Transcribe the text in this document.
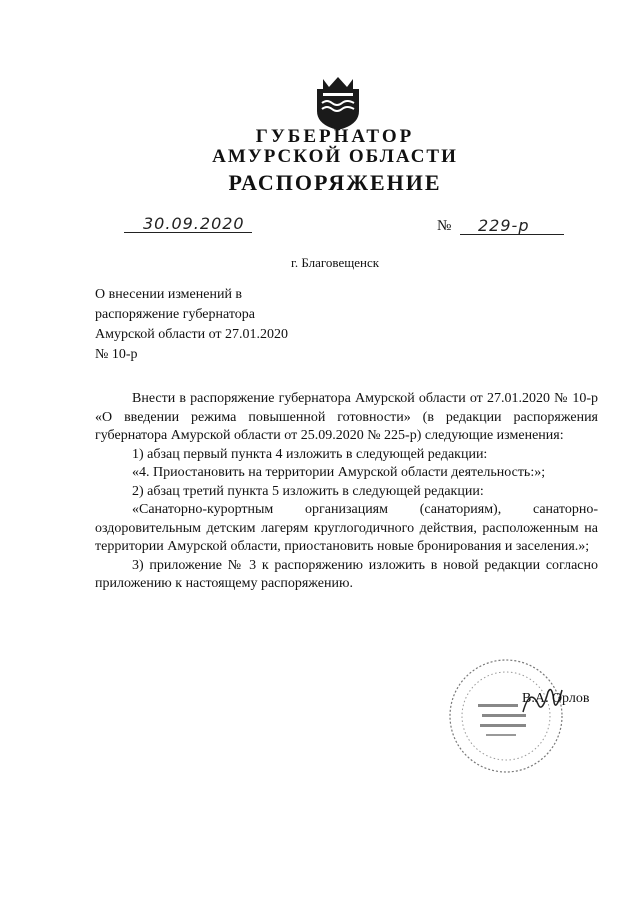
ГУБЕРНАТОР
АМУРСКОЙ ОБЛАСТИ
РАСПОРЯЖЕНИЕ
30.09.2020	№ 229-р
г. Благовещенск
О внесении изменений в
распоряжение губернатора
Амурской области от 27.01.2020
№ 10-р

Внести в распоряжение губернатора Амурской области от 27.01.2020 № 10-р «О введении режима повышенной готовности» (в редакции распоряжения губернатора Амурской области от 25.09.2020 № 225-р) следующие изменения:

1) абзац первый пункта 4 изложить в следующей редакции:

«4. Приостановить на территории Амурской области деятельность:»;

2) абзац третий пункта 5 изложить в следующей редакции:

«Санаторно-курортным организациям (санаториям), санаторно-оздоровительным детским лагерям круглогодичного действия, расположенным на территории Амурской области, приостановить новые бронирования и заселения.»;

3) приложение № 3 к распоряжению изложить в новой редакции согласно приложению к настоящему распоряжению.

В.А. Орлов
